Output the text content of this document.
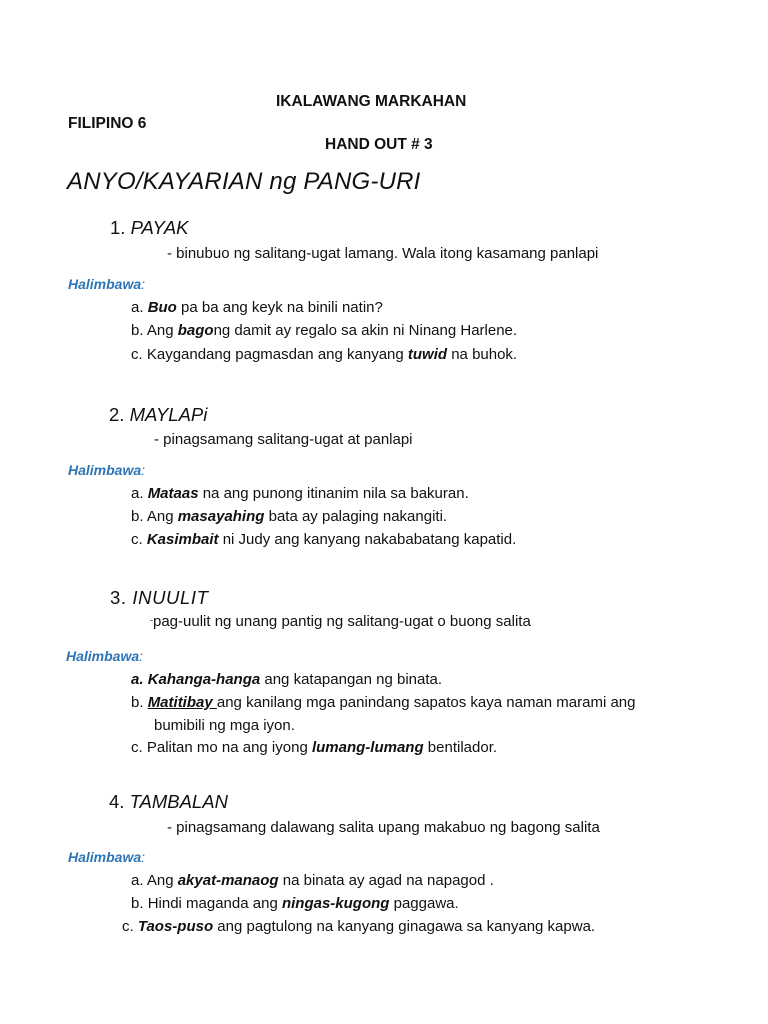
IKALAWANG MARKAHAN
FILIPINO 6
HAND OUT # 3
ANYO/KAYARIAN ng PANG-URI
1. PAYAK
- binubuo ng salitang-ugat lamang. Wala itong kasamang panlapi
Halimbawa:
a. Buo pa ba ang keyk na binili natin?
b. Ang bagong damit ay regalo sa akin ni Ninang Harlene.
c. Kaygandang pagmasdan ang kanyang tuwid na buhok.
2. MAYLAPi
- pinagsamang salitang-ugat at panlapi
Halimbawa:
a. Mataas na ang punong itinanim nila sa bakuran.
b. Ang masayahing bata ay palaging nakangiti.
c. Kasimbait ni Judy ang kanyang nakababatang kapatid.
3. INUULIT
-pag-uulit ng unang pantig ng salitang-ugat o buong salita
Halimbawa:
a. Kahanga-hanga ang katapangan ng binata.
b. Matitibay ang kanilang mga panindang sapatos kaya naman marami ang
bumibili ng mga iyon.
c. Palitan mo na ang iyong lumang-lumang bentilador.
4. TAMBALAN
- pinagsamang dalawang salita upang makabuo ng bagong salita
Halimbawa:
a. Ang akyat-manaog na binata ay agad na napagod .
b. Hindi maganda ang ningas-kugong paggawa.
c. Taos-puso ang pagtulong na kanyang ginagawa sa kanyang kapwa.
